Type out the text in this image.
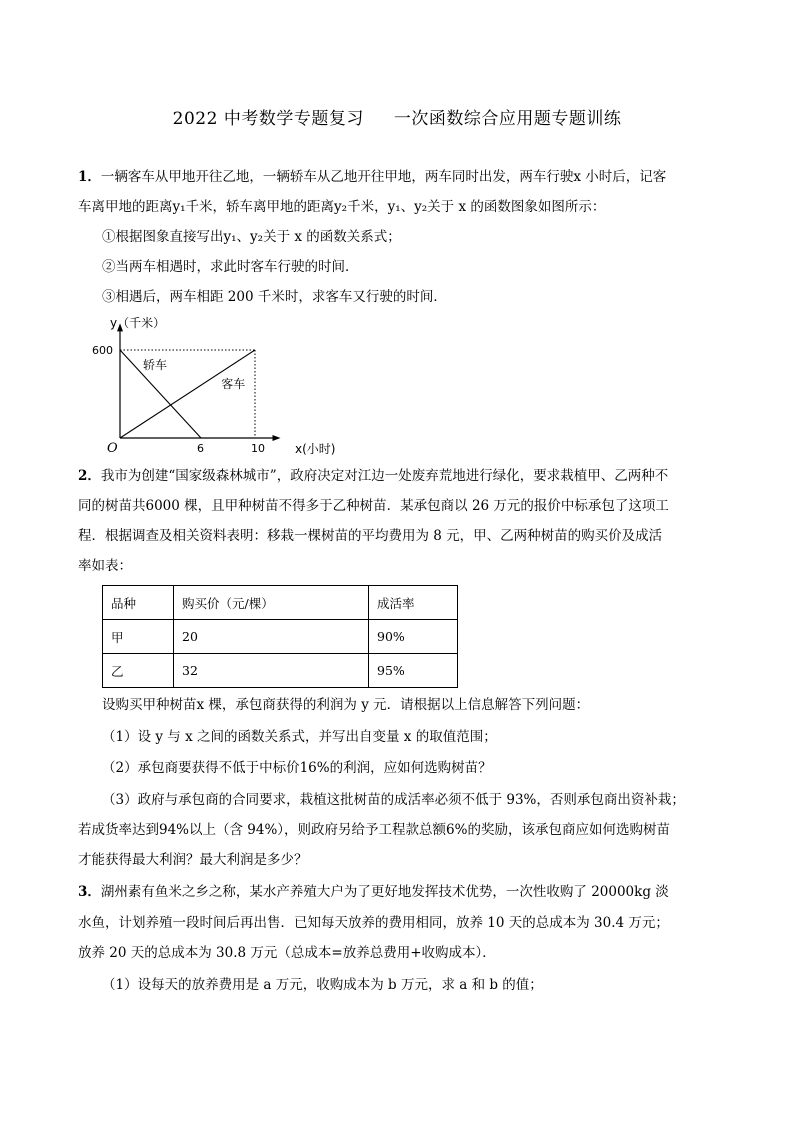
2022 中考数学专题复习 一次函数综合应用题专题训练
1．一辆客车从甲地开往乙地，一辆轿车从乙地开往甲地，两车同时出发，两车行驶x 小时后，记客
车离甲地的距离y₁千米，轿车离甲地的距离y₂千米，y₁、y₂关于 x 的函数图象如图所示：
①根据图象直接写出y₁、y₂关于 x 的函数关系式；
②当两车相遇时，求此时客车行驶的时间．
③相遇后，两车相距 200 千米时，求客车又行驶的时间．
轿车
客车
600
6	10
y（千米）
x(小时)
O
2．我市为创建“国家级森林城市”，政府决定对江边一处废弃荒地进行绿化，要求栽植甲、乙两种不
同的树苗共6000 棵，且甲种树苗不得多于乙种树苗．某承包商以 26 万元的报价中标承包了这项工
程．根据调查及相关资料表明：移栽一棵树苗的平均费用为 8 元，甲、乙两种树苗的购买价及成活
率如表：
品种	购买价（元/棵）	成活率
甲	20	90%
乙	32	95%
设购买甲种树苗x 棵，承包商获得的利润为 y 元．请根据以上信息解答下列问题：
（1）设 y 与 x 之间的函数关系式，并写出自变量 x 的取值范围；
（2）承包商要获得不低于中标价16%的利润，应如何选购树苗？
（3）政府与承包商的合同要求，栽植这批树苗的成活率必须不低于 93%，否则承包商出资补栽；
若成货率达到94%以上（含 94%），则政府另给予工程款总额6%的奖励，该承包商应如何选购树苗
才能获得最大利润？最大利润是多少？
3．湖州素有鱼米之乡之称，某水产养殖大户为了更好地发挥技术优势，一次性收购了 20000kg 淡
水鱼，计划养殖一段时间后再出售．已知每天放养的费用相同，放养 10 天的总成本为 30.4 万元；
放养 20 天的总成本为 30.8 万元（总成本=放养总费用+收购成本）．
（1）设每天的放养费用是 a 万元，收购成本为 b 万元，求 a 和 b 的值；
